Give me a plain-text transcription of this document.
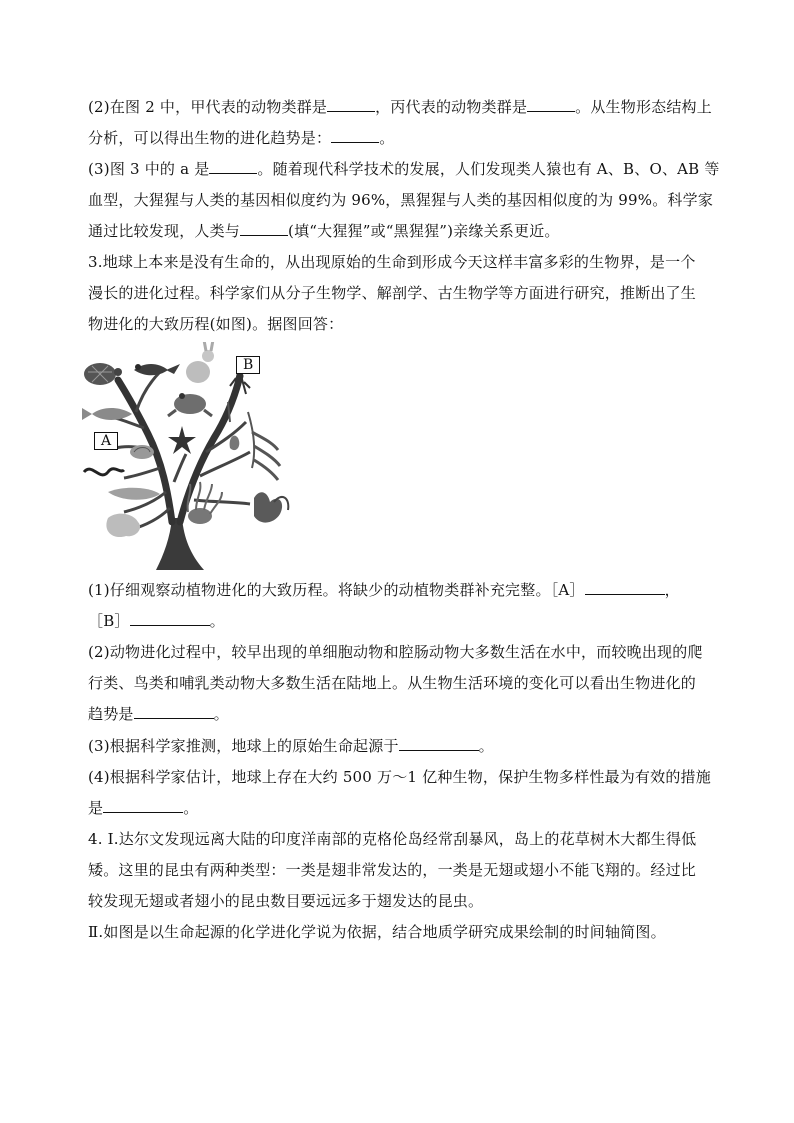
(2)在图 2 中，甲代表的动物类群是	，丙代表的动物类群是	。从生物形态结构上
分析，可以得出生物的进化趋势是：	。
(3)图 3 中的 a 是	。随着现代科学技术的发展，人们发现类人猿也有 A、B、O、AB 等
血型，大猩猩与人类的基因相似度约为 96%，黑猩猩与人类的基因相似度的为 99%。科学家
通过比较发现，人类与	(填“大猩猩”或“黑猩猩”)亲缘关系更近。
3.地球上本来是没有生命的，从出现原始的生命到形成今天这样丰富多彩的生物界，是一个
漫长的进化过程。科学家们从分子生物学、解剖学、古生物学等方面进行研究，推断出了生
物进化的大致历程(如图)。据图回答：
A
B
(1)仔细观察动植物进化的大致历程。将缺少的动植物类群补充完整。［A］	，
［B］	。
(2)动物进化过程中，较早出现的单细胞动物和腔肠动物大多数生活在水中，而较晚出现的爬
行类、鸟类和哺乳类动物大多数生活在陆地上。从生物生活环境的变化可以看出生物进化的
趋势是	。
(3)根据科学家推测，地球上的原始生命起源于	。
(4)根据科学家估计，地球上存在大约 500 万～1 亿种生物，保护生物多样性最为有效的措施
是	。
4. Ⅰ.达尔文发现远离大陆的印度洋南部的克格伦岛经常刮暴风，岛上的花草树木大都生得低
矮。这里的昆虫有两种类型：一类是翅非常发达的，一类是无翅或翅小不能飞翔的。经过比
较发现无翅或者翅小的昆虫数目要远远多于翅发达的昆虫。
Ⅱ.如图是以生命起源的化学进化学说为依据，结合地质学研究成果绘制的时间轴简图。
